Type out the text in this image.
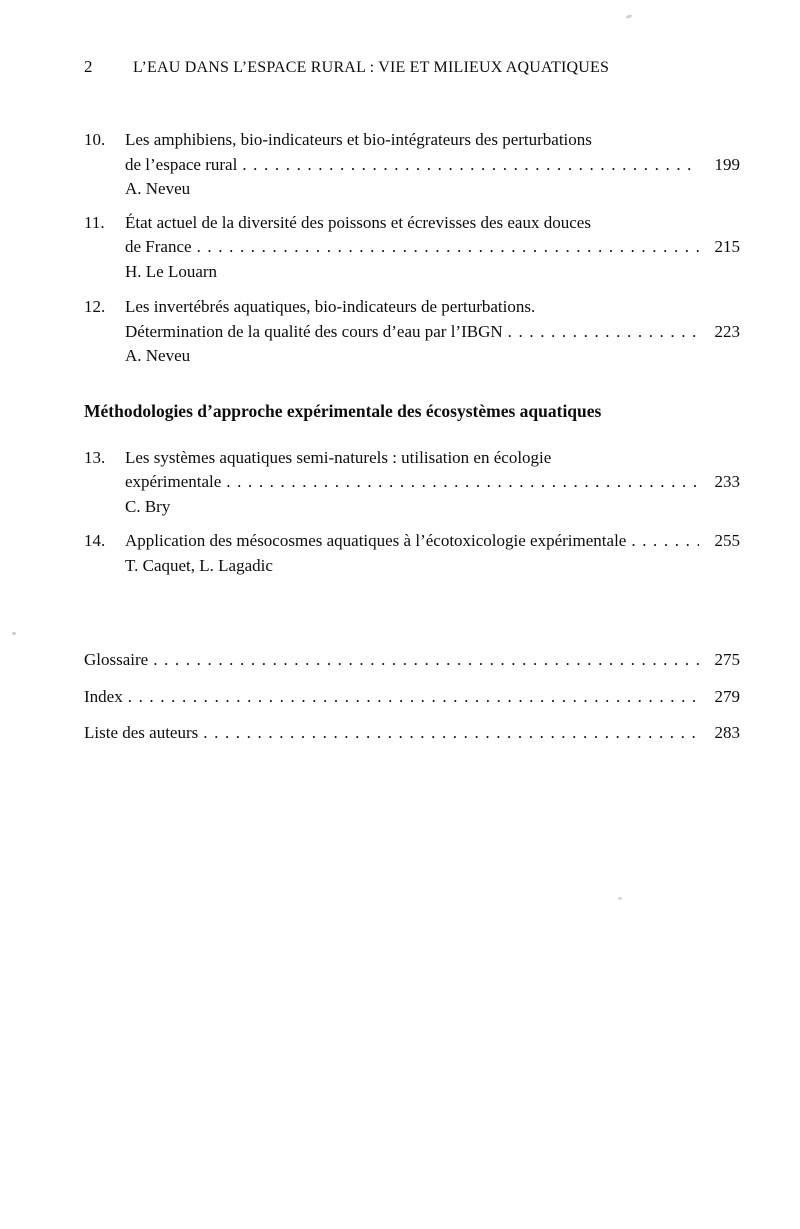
2	L’EAU DANS L’ESPACE RURAL : VIE ET MILIEUX AQUATIQUES
10.	Les amphibiens, bio-indicateurs et bio-intégrateurs des perturbations
de l’espace rural .....	199
A. Neveu
11.	État actuel de la diversité des poissons et écrevisses des eaux douces
de France .....	215
H. Le Louarn
12.	Les invertébrés aquatiques, bio-indicateurs de perturbations.
Détermination de la qualité des cours d’eau par l’IBGN .....	223
A. Neveu
Méthodologies d’approche expérimentale des écosystèmes aquatiques
13.	Les systèmes aquatiques semi-naturels : utilisation en écologie
expérimentale .....	233
C. Bry
14.	Application des mésocosmes aquatiques à l’écotoxicologie expérimentale .....	255
T. Caquet, L. Lagadic
Glossaire .....	275
Index .....	279
Liste des auteurs .....	283
